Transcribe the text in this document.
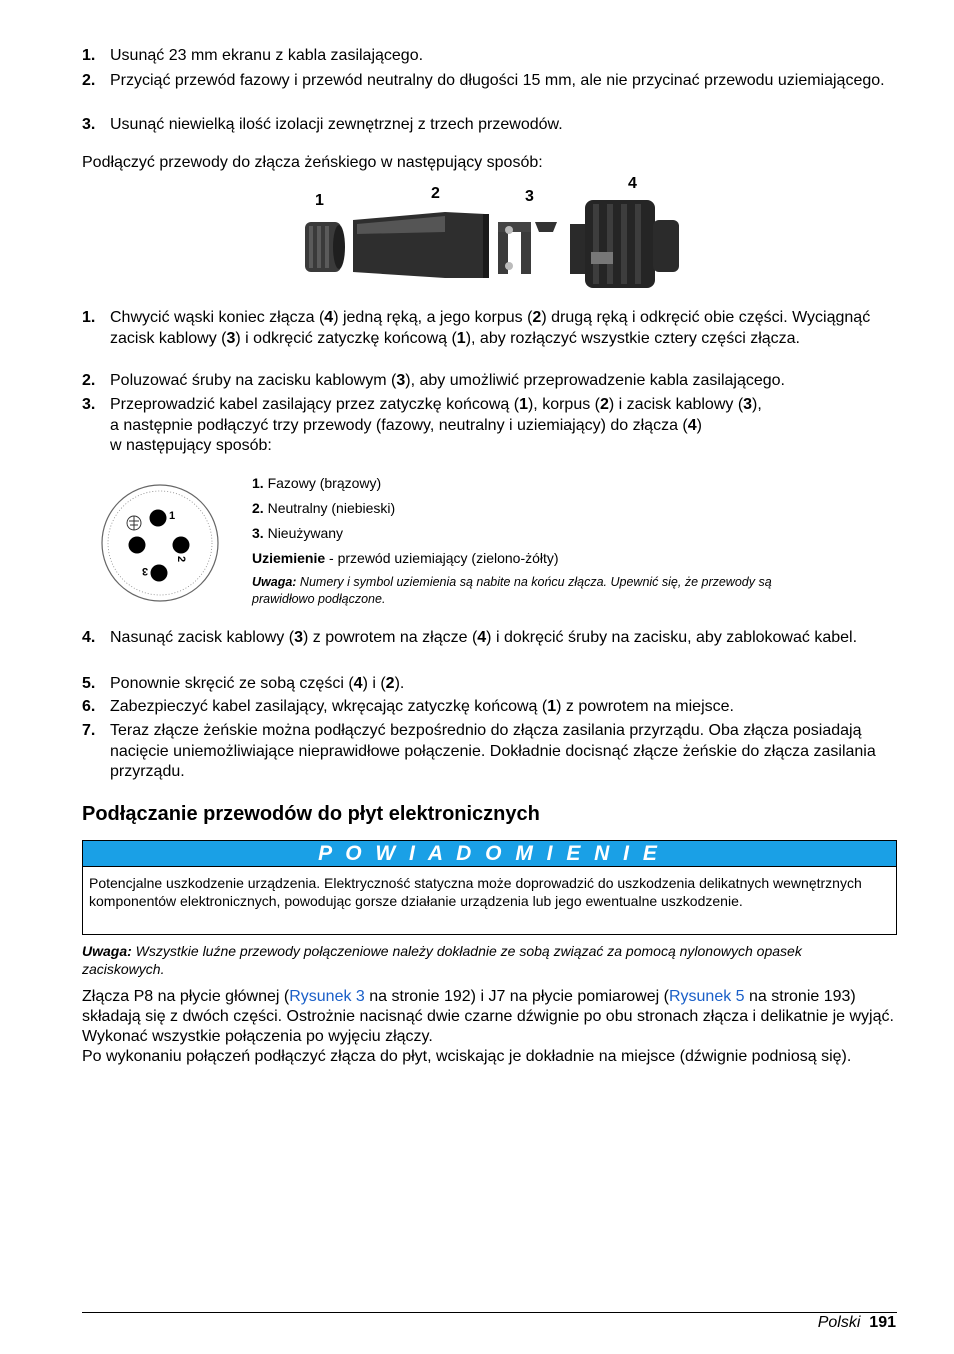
1. Usunąć 23 mm ekranu z kabla zasilającego.
2. Przyciąć przewód fazowy i przewód neutralny do długości 15 mm, ale nie przycinać przewodu uziemiającego.
3. Usunąć niewielką ilość izolacji zewnętrznej z trzech przewodów.
Podłączyć przewody do złącza żeńskiego w następujący sposób:
1	2	3
4
1. Chwycić wąski koniec złącza (4) jedną ręką, a jego korpus (2) drugą ręką i odkręcić obie części. Wyciągnąć zacisk kablowy (3) i odkręcić zatyczkę końcową (1), aby rozłączyć wszystkie cztery części złącza.
2. Poluzować śruby na zacisku kablowym (3), aby umożliwić przeprowadzenie kabla zasilającego.
3. Przeprowadzić kabel zasilający przez zatyczkę końcową (1), korpus (2) i zacisk kablowy (3),
a następnie podłączyć trzy przewody (fazowy, neutralny i uziemiający) do złącza (4)
w następujący sposób:
1
2
3
1. Fazowy (brązowy)
2. Neutralny (niebieski)
3. Nieużywany
Uziemienie - przewód uziemiający (zielono-żółty)
Uwaga: Numery i symbol uziemienia są nabite na końcu złącza. Upewnić się, że przewody są prawidłowo podłączone.
4. Nasunąć zacisk kablowy (3) z powrotem na złącze (4) i dokręcić śruby na zacisku, aby zablokować kabel.
5. Ponownie skręcić ze sobą części (4) i (2).
6. Zabezpieczyć kabel zasilający, wkręcając zatyczkę końcową (1) z powrotem na miejsce.
7. Teraz złącze żeńskie można podłączyć bezpośrednio do złącza zasilania przyrządu. Oba złącza posiadają nacięcie uniemożliwiające nieprawidłowe połączenie. Dokładnie docisnąć złącze żeńskie do złącza zasilania przyrządu.
Podłączanie przewodów do płyt elektronicznych
P O W I A D O M I E N I E
Potencjalne uszkodzenie urządzenia. Elektryczność statyczna może doprowadzić do uszkodzenia delikatnych wewnętrznych komponentów elektronicznych, powodując gorsze działanie urządzenia lub jego ewentualne uszkodzenie.
Uwaga: Wszystkie luźne przewody połączeniowe należy dokładnie ze sobą związać za pomocą nylonowych opasek zaciskowych.
Złącza P8 na płycie głównej (Rysunek 3 na stronie 192) i J7 na płycie pomiarowej (Rysunek 5 na stronie 193) składają się z dwóch części. Ostrożnie nacisnąć dwie czarne dźwignie po obu stronach złącza i delikatnie je wyjąć. Wykonać wszystkie połączenia po wyjęciu złączy.
Po wykonaniu połączeń podłączyć złącza do płyt, wciskając je dokładnie na miejsce (dźwignie podniosą się).
Polski 191
